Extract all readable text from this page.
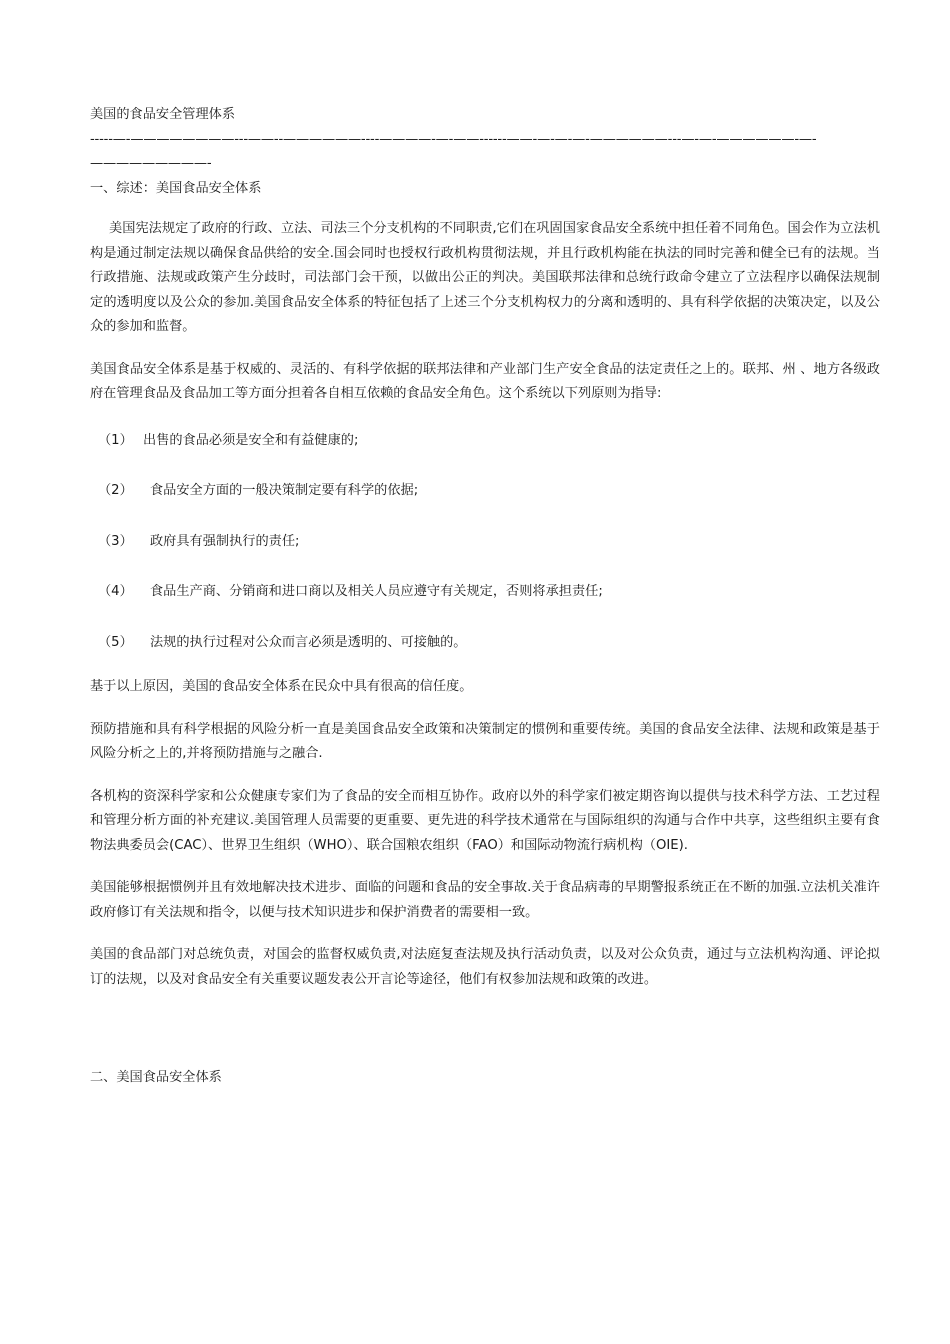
美国的食品安全管理体系

-----—-————————---——--——————----————-—-——------——-—-—-—-——————---—-—-——————-—-—————————-

一、综述：美国食品安全体系

美国宪法规定了政府的行政、立法、司法三个分支机构的不同职责,它们在巩固国家食品安全系统中担任着不同角色。国会作为立法机构是通过制定法规以确保食品供给的安全.国会同时也授权行政机构贯彻法规，并且行政机构能在执法的同时完善和健全已有的法规。当行政措施、法规或政策产生分歧时，司法部门会干预，以做出公正的判决。美国联邦法律和总统行政命令建立了立法程序以确保法规制定的透明度以及公众的参加.美国食品安全体系的特征包括了上述三个分支机构权力的分离和透明的、具有科学依据的决策决定，以及公众的参加和监督。

美国食品安全体系是基于权威的、灵活的、有科学依据的联邦法律和产业部门生产安全食品的法定责任之上的。联邦、州 、地方各级政府在管理食品及食品加工等方面分担着各自相互依赖的食品安全角色。这个系统以下列原则为指导:

（1） 出售的食品必须是安全和有益健康的;
（2）	食品安全方面的一般决策制定要有科学的依据;
（3）	政府具有强制执行的责任;
（4）	食品生产商、分销商和进口商以及相关人员应遵守有关规定，否则将承担责任;
（5）	法规的执行过程对公众而言必须是透明的、可接触的。

基于以上原因，美国的食品安全体系在民众中具有很高的信任度。

预防措施和具有科学根据的风险分析一直是美国食品安全政策和决策制定的惯例和重要传统。美国的食品安全法律、法规和政策是基于风险分析之上的,并将预防措施与之融合.

各机构的资深科学家和公众健康专家们为了食品的安全而相互协作。政府以外的科学家们被定期咨询以提供与技术科学方法、工艺过程和管理分析方面的补充建议.美国管理人员需要的更重要、更先进的科学技术通常在与国际组织的沟通与合作中共享，这些组织主要有食物法典委员会(CAC）、世界卫生组织（WHO）、联合国粮农组织（FAO）和国际动物流行病机构（OIE).

美国能够根据惯例并且有效地解决技术进步、面临的问题和食品的安全事故.关于食品病毒的早期警报系统正在不断的加强.立法机关准许政府修订有关法规和指令，以便与技术知识进步和保护消费者的需要相一致。

美国的食品部门对总统负责，对国会的监督权威负责,对法庭复查法规及执行活动负责，以及对公众负责，通过与立法机构沟通、评论拟订的法规，以及对食品安全有关重要议题发表公开言论等途径，他们有权参加法规和政策的改进。

二、美国食品安全体系
